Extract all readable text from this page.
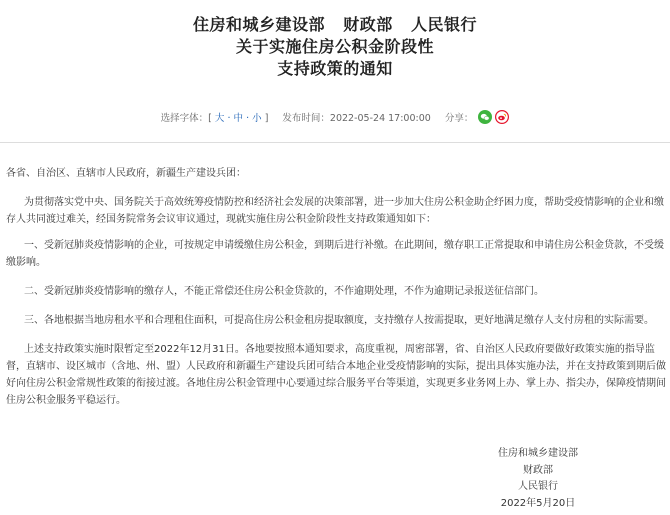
住房和城乡建设部   财政部   人民银行
关于实施住房公积金阶段性
支持政策的通知
选择字体：[ 大 · 中 · 小 ] 发布时间：2022-05-24 17:00:00 分享：

各省、自治区、直辖市人民政府，新疆生产建设兵团：

为贯彻落实党中央、国务院关于高效统筹疫情防控和经济社会发展的决策部署，进一步加大住房公积金助企纾困力度，帮助受疫情影响的企业和缴存人共同渡过难关，经国务院常务会议审议通过，现就实施住房公积金阶段性支持政策通知如下：

一、受新冠肺炎疫情影响的企业，可按规定申请缓缴住房公积金，到期后进行补缴。在此期间，缴存职工正常提取和申请住房公积金贷款，不受缓缴影响。

二、受新冠肺炎疫情影响的缴存人，不能正常偿还住房公积金贷款的，不作逾期处理，不作为逾期记录报送征信部门。

三、各地根据当地房租水平和合理租住面积，可提高住房公积金租房提取额度，支持缴存人按需提取，更好地满足缴存人支付房租的实际需要。

上述支持政策实施时限暂定至2022年12月31日。各地要按照本通知要求，高度重视，周密部署，省、自治区人民政府要做好政策实施的指导监督，直辖市、设区城市（含地、州、盟）人民政府和新疆生产建设兵团可结合本地企业受疫情影响的实际，提出具体实施办法，并在支持政策到期后做好向住房公积金常规性政策的衔接过渡。各地住房公积金管理中心要通过综合服务平台等渠道，实现更多业务网上办、掌上办、指尖办，保障疫情期间住房公积金服务平稳运行。

住房和城乡建设部
财政部
人民银行
2022年5月20日
